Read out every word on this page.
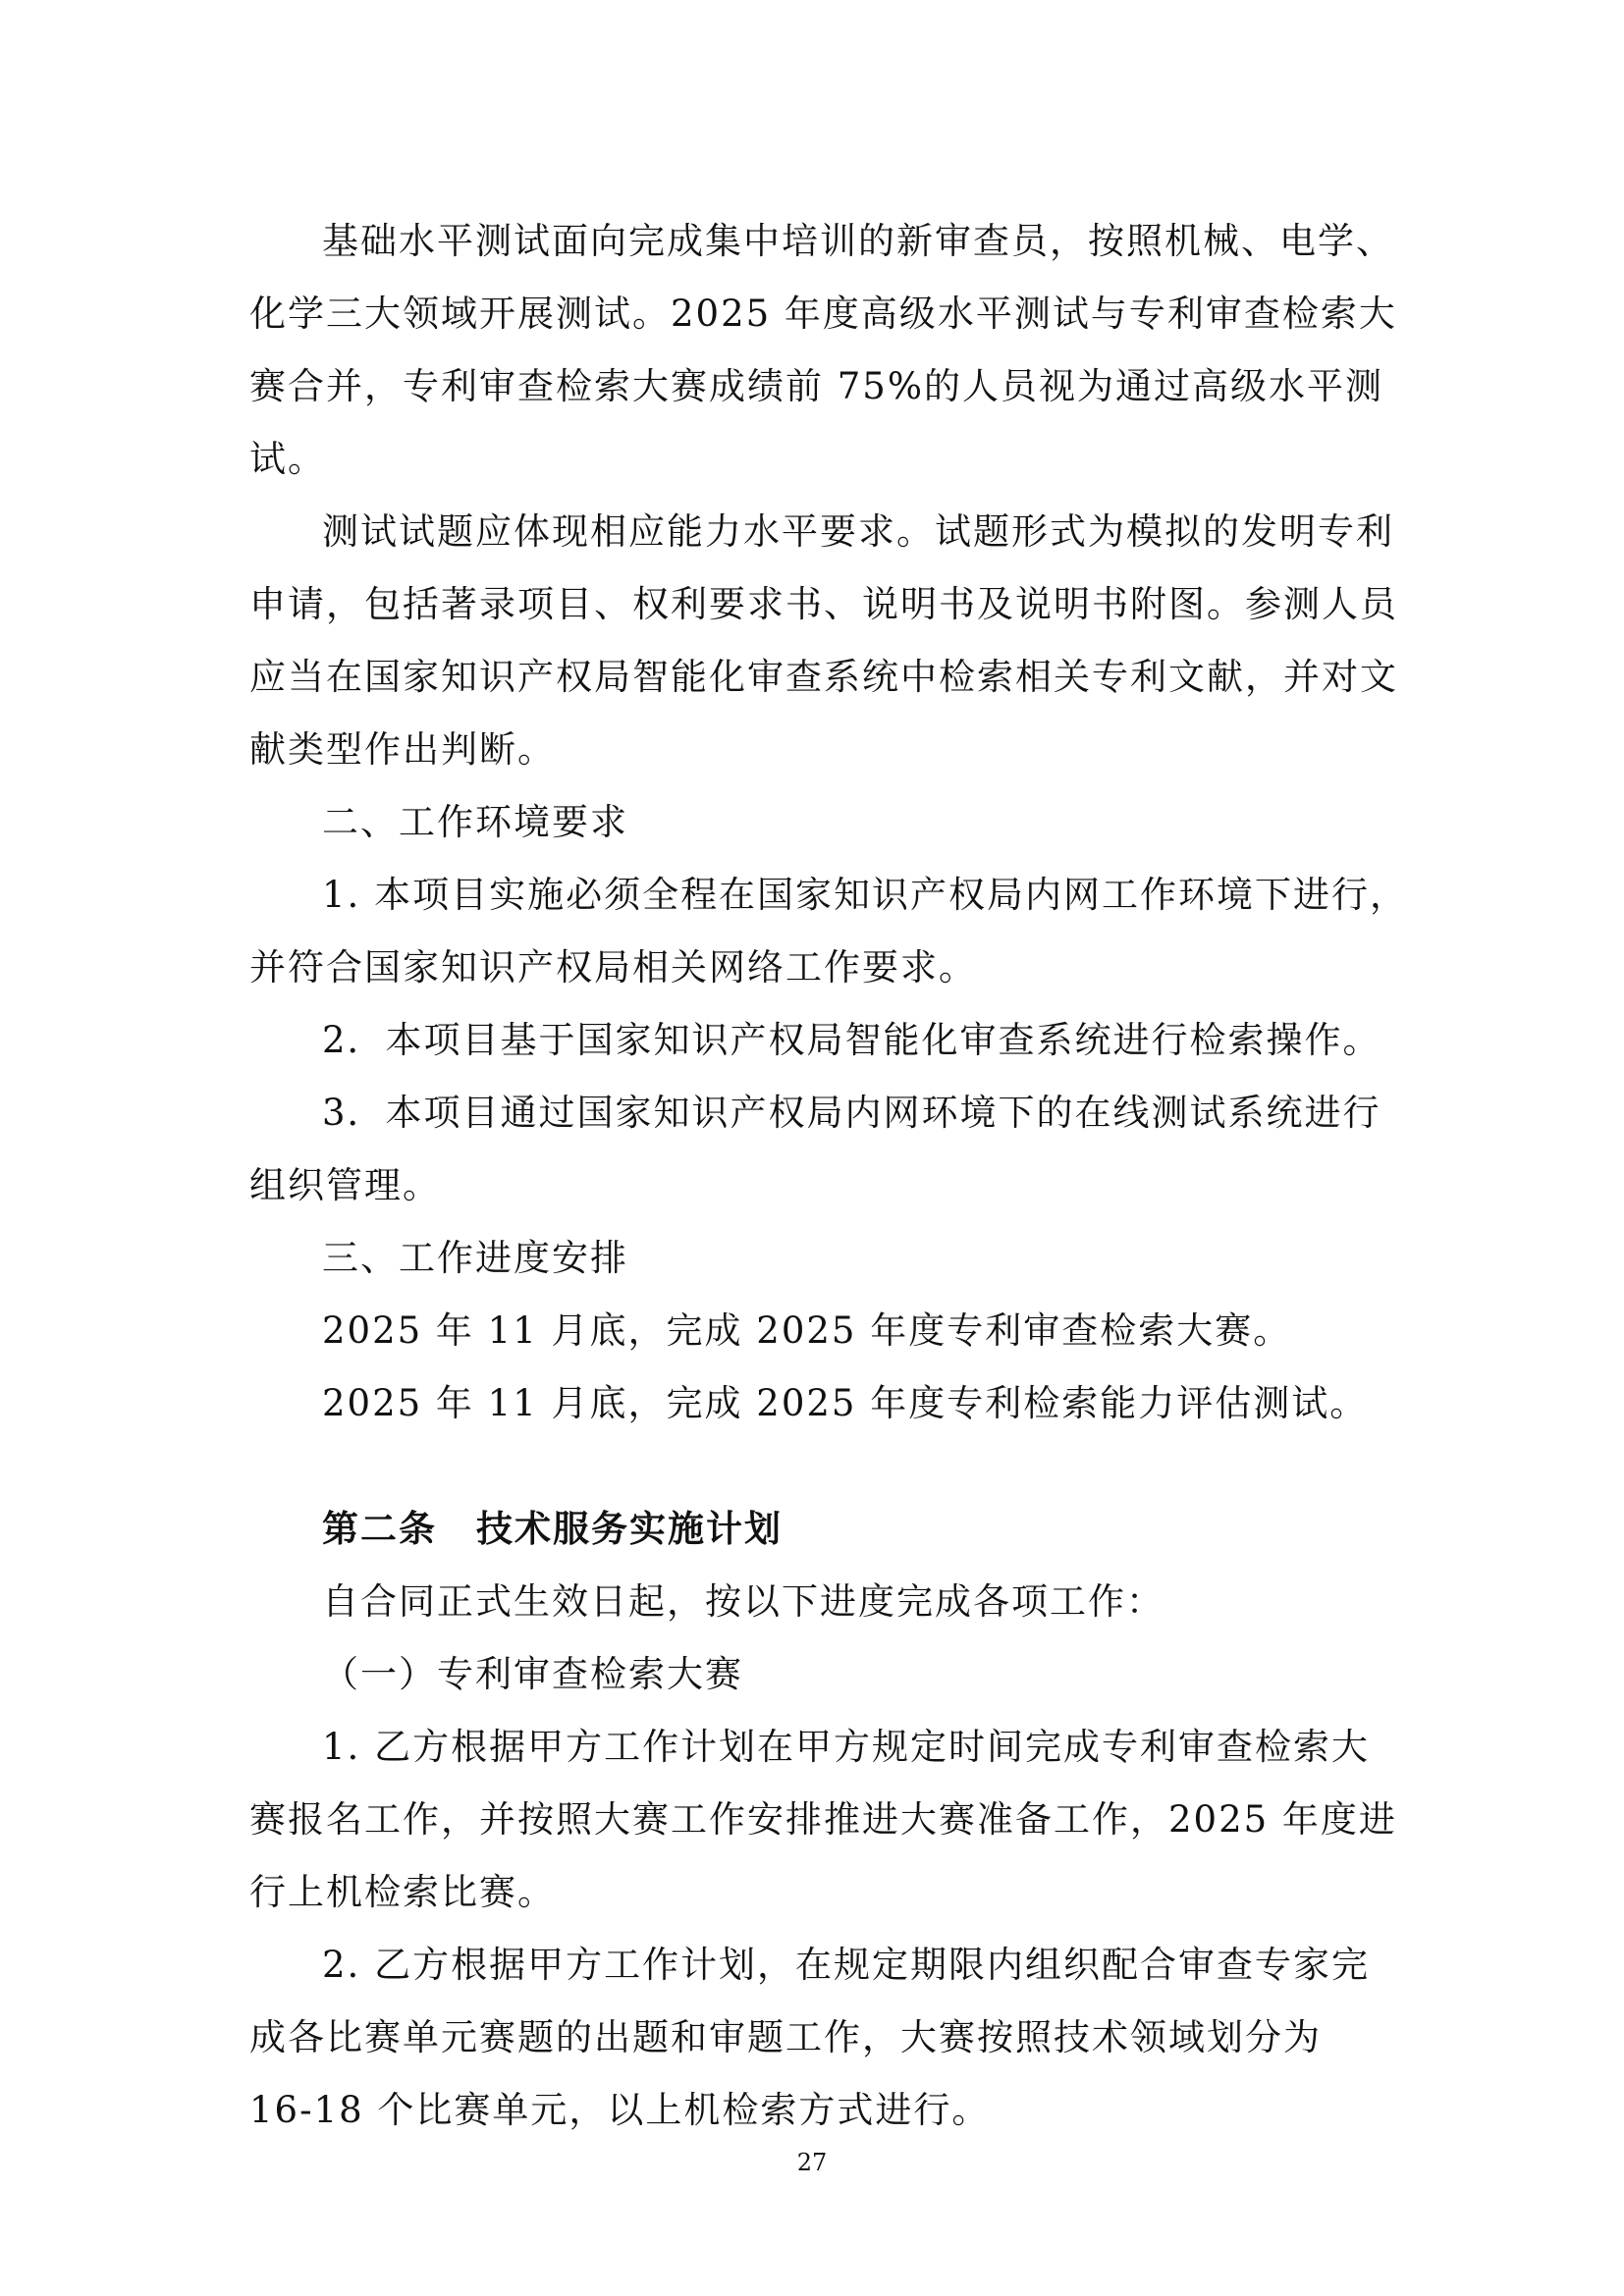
基础水平测试面向完成集中培训的新审查员，按照机械、电学、
化学三大领域开展测试。2025 年度高级水平测试与专利审查检索大
赛合并，专利审查检索大赛成绩前 75%的人员视为通过高级水平测
试。
测试试题应体现相应能力水平要求。试题形式为模拟的发明专利
申请，包括著录项目、权利要求书、说明书及说明书附图。参测人员
应当在国家知识产权局智能化审查系统中检索相关专利文献，并对文
献类型作出判断。
二、工作环境要求
1. 本项目实施必须全程在国家知识产权局内网工作环境下进行，
并符合国家知识产权局相关网络工作要求。
2．本项目基于国家知识产权局智能化审查系统进行检索操作。
3．本项目通过国家知识产权局内网环境下的在线测试系统进行
组织管理。
三、工作进度安排
2025 年 11 月底，完成 2025 年度专利审查检索大赛。
2025 年 11 月底，完成 2025 年度专利检索能力评估测试。
第二条 技术服务实施计划
自合同正式生效日起，按以下进度完成各项工作：
（一）专利审查检索大赛
1. 乙方根据甲方工作计划在甲方规定时间完成专利审查检索大
赛报名工作，并按照大赛工作安排推进大赛准备工作，2025 年度进
行上机检索比赛。
2. 乙方根据甲方工作计划，在规定期限内组织配合审查专家完
成各比赛单元赛题的出题和审题工作，大赛按照技术领域划分为
16-18 个比赛单元，以上机检索方式进行。
27
